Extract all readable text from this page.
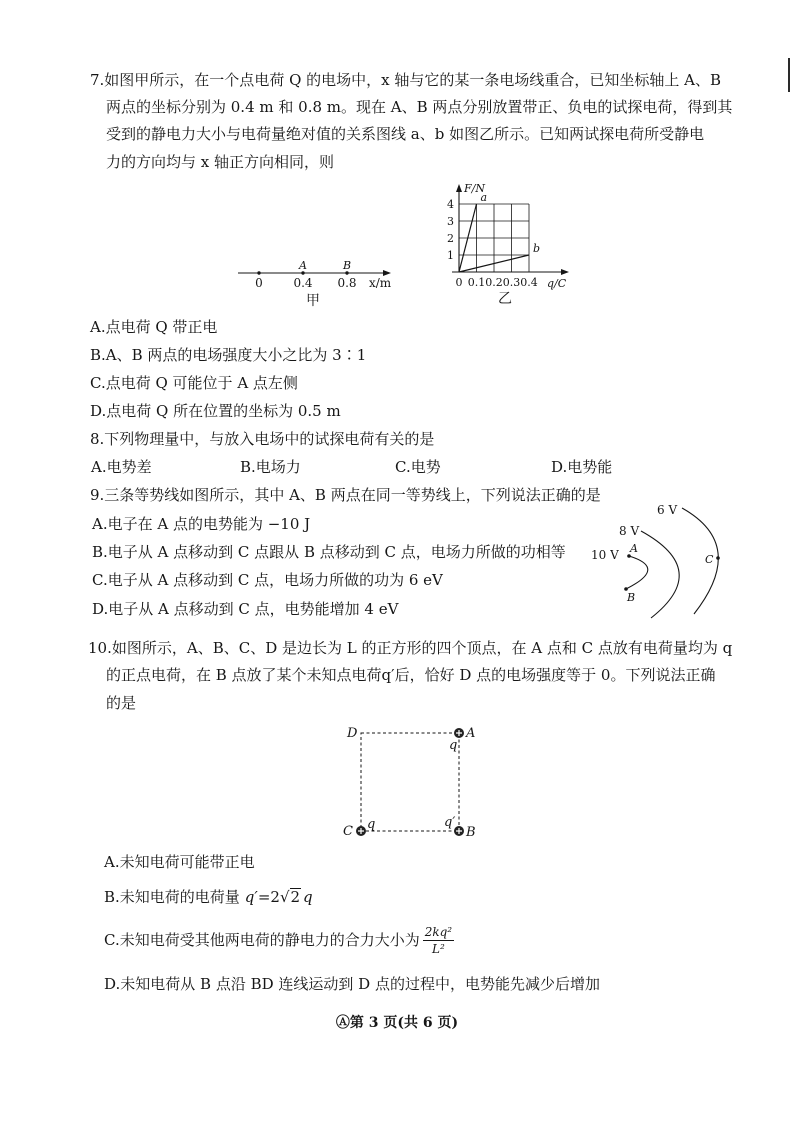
7.如图甲所示，在一个点电荷 Q 的电场中，x 轴与它的某一条电场线重合，已知坐标轴上 A、B
两点的坐标分别为 0.4 m 和 0.8 m。现在 A、B 两点分别放置带正、负电的试探电荷，得到其
受到的静电力大小与电荷量绝对值的关系图线 a、b 如图乙所示。已知两试探电荷所受静电
力的方向均与 x 轴正方向相同，则
0	0.4
A
0.8
B
x/m
甲
0 0.1 0.2 0.3 0.4
1
2
3
4
a
b
F/N
q/C
乙
A.点电荷 Q 带正电
B.A、B 两点的电场强度大小之比为 3∶1
C.点电荷 Q 可能位于 A 点左侧
D.点电荷 Q 所在位置的坐标为 0.5 m
8.下列物理量中，与放入电场中的试探电荷有关的是
A.电势差	B.电场力	C.电势	D.电势能
9.三条等势线如图所示，其中 A、B 两点在同一等势线上，下列说法正确的是
6 V
8 V
10 V A
B
C
A.电子在 A 点的电势能为 −10 J
B.电子从 A 点移动到 C 点跟从 B 点移动到 C 点，电场力所做的功相等
C.电子从 A 点移动到 C 点，电场力所做的功为 6 eV
D.电子从 A 点移动到 C 点，电势能增加 4 eV
10.如图所示，A、B、C、D 是边长为 L 的正方形的四个顶点，在 A 点和 C 点放有电荷量均为 q
的正点电荷，在 B 点放了某个未知点电荷q′后，恰好 D 点的电场强度等于 0。下列说法正确
的是
D	A
q
C q	q′
B
A.未知电荷可能带正电
B.未知电荷的电荷量 q′=2√2 q
C.未知电荷受其他两电荷的静电力的合力大小为 $\frac{\text{2kq²}}{\text{L²}}$
D.未知电荷从 B 点沿 BD 连线运动到 D 点的过程中，电势能先减少后增加
Ⓐ第 3 页(共 6 页)
